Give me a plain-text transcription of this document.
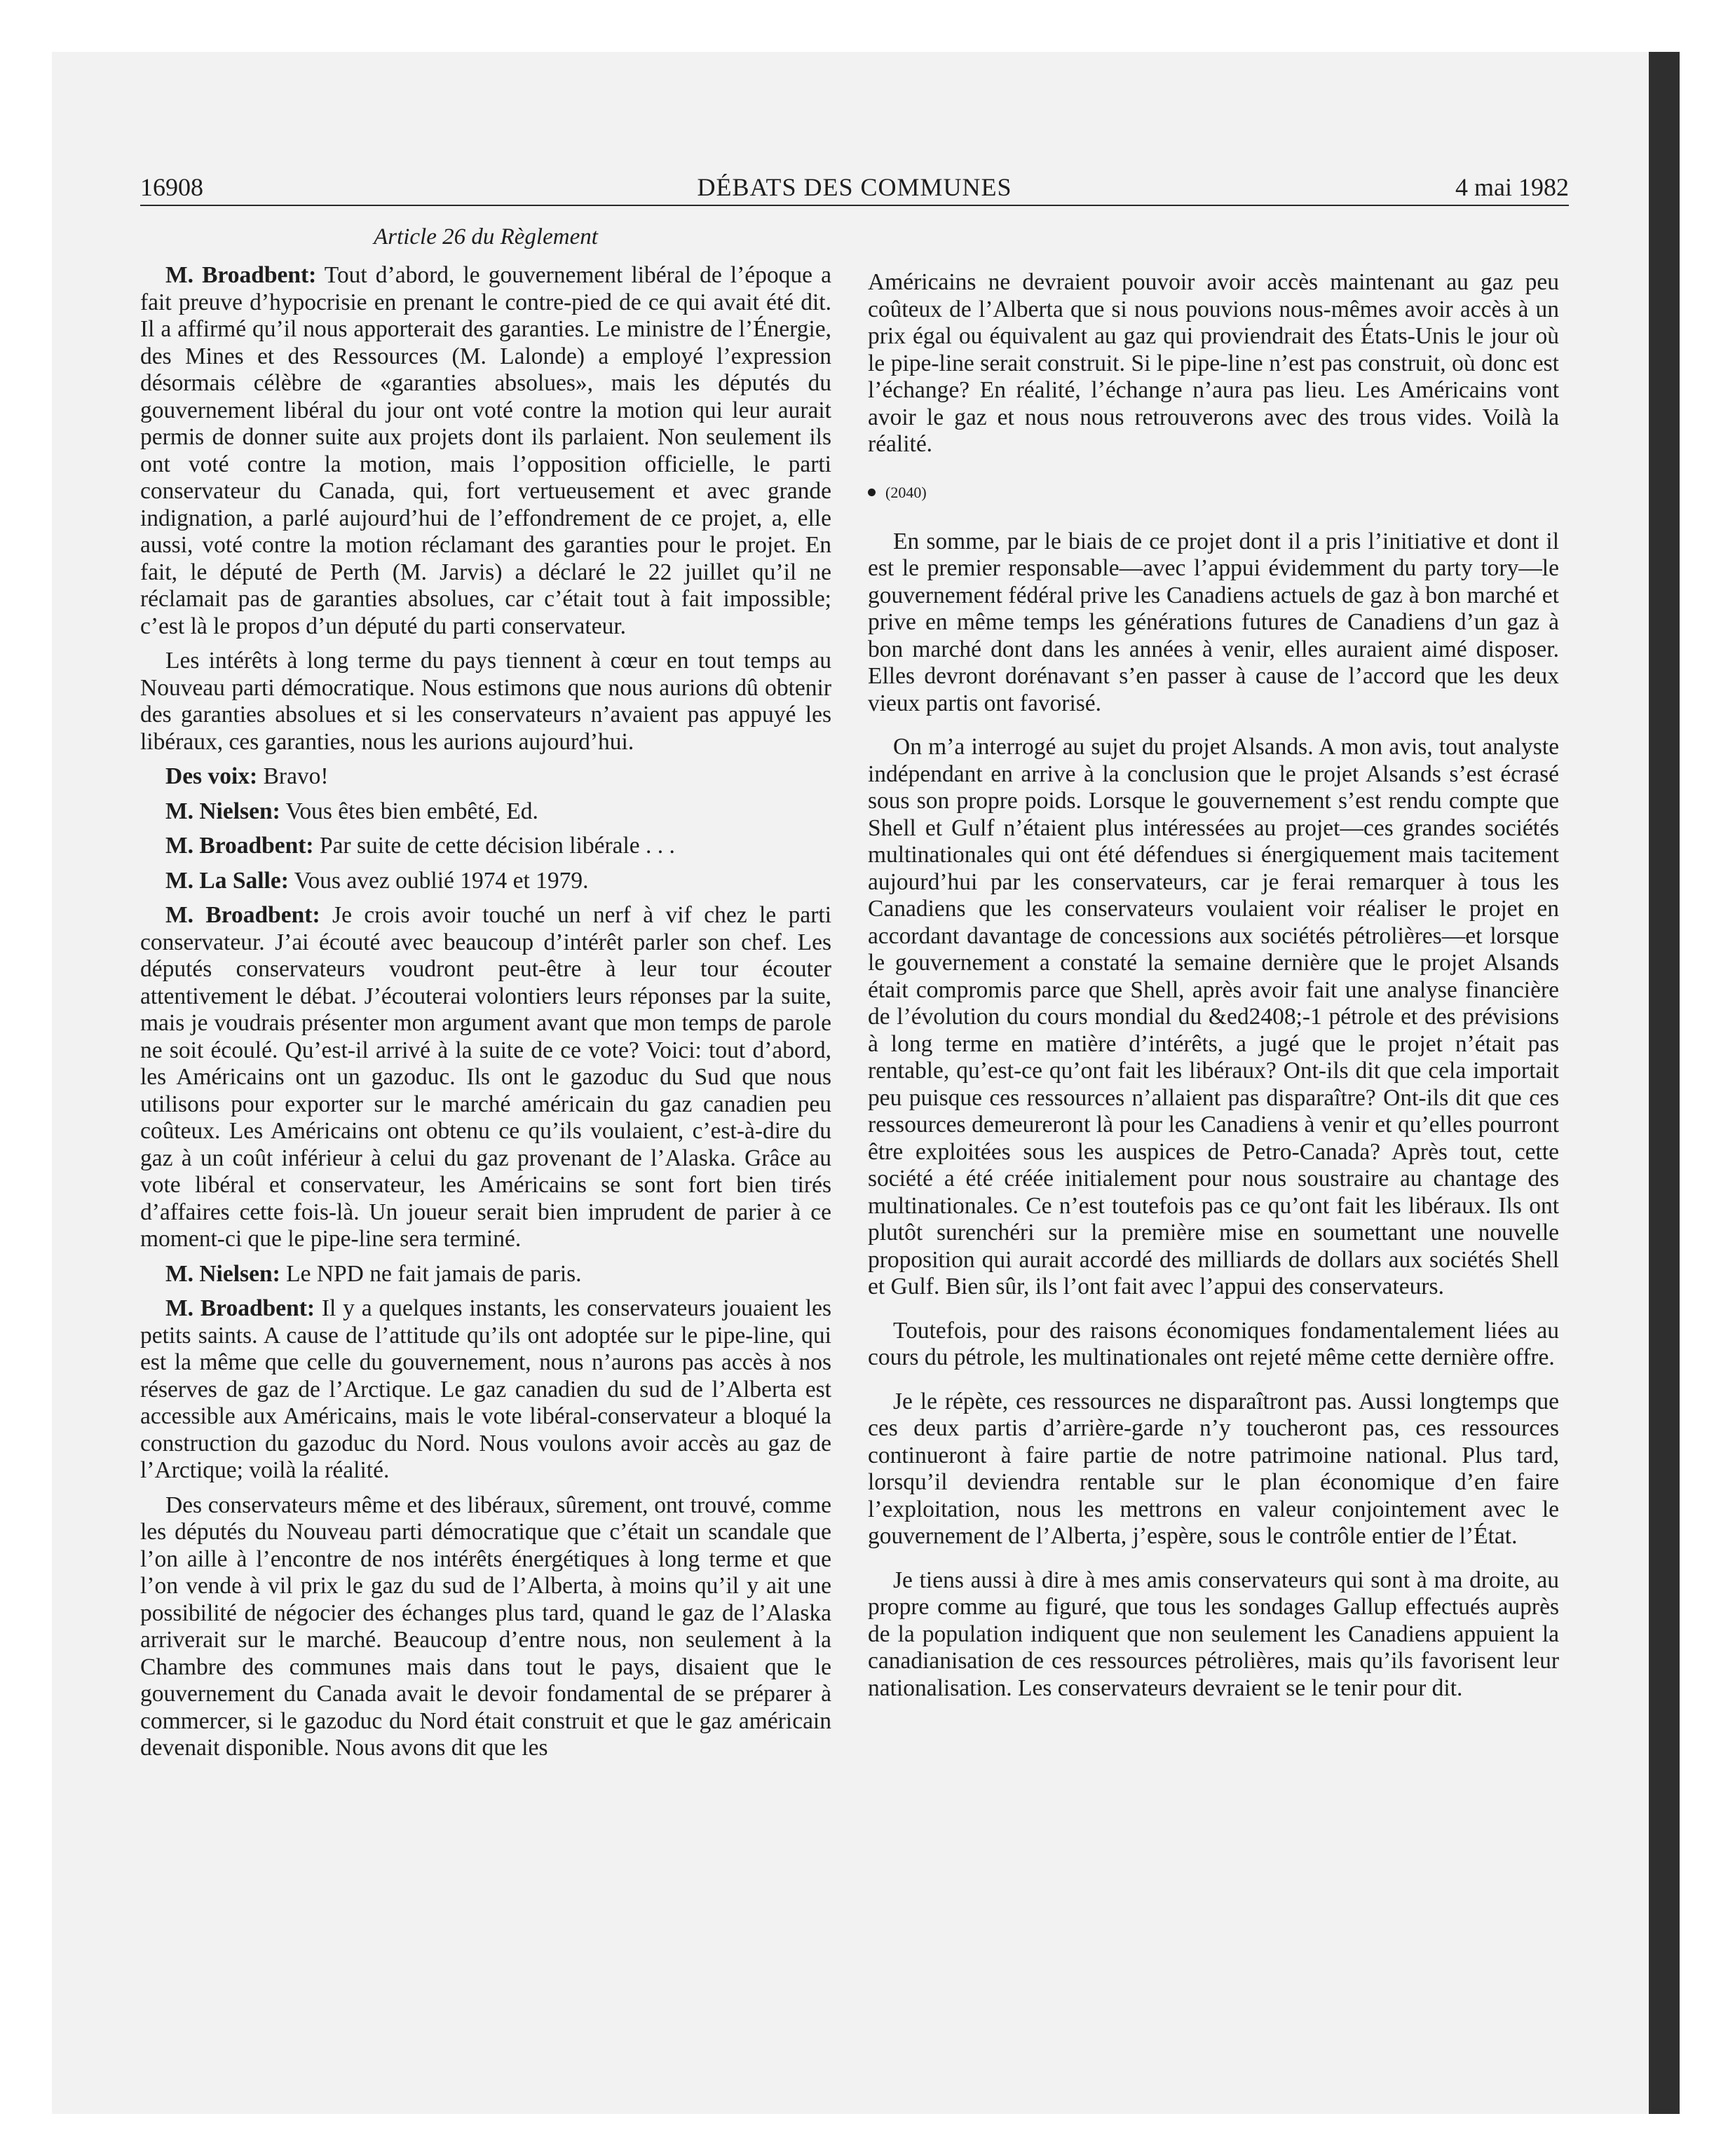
DÉBATS DES COMMUNES
16908	4 mai 1982

Article 26 du Règlement

M. Broadbent: Tout d’abord, le gouvernement libéral de l’époque a fait preuve d’hypocrisie en prenant le contre-pied de ce qui avait été dit. Il a affirmé qu’il nous apporterait des garanties. Le ministre de l’Énergie, des Mines et des Ressources (M. Lalonde) a employé l’expression désormais célèbre de «garanties absolues», mais les députés du gouvernement libéral du jour ont voté contre la motion qui leur aurait permis de donner suite aux projets dont ils parlaient. Non seulement ils ont voté contre la motion, mais l’opposition officielle, le parti conservateur du Canada, qui, fort vertueusement et avec grande indignation, a parlé aujourd’hui de l’effondrement de ce projet, a, elle aussi, voté contre la motion réclamant des garanties pour le projet. En fait, le député de Perth (M. Jarvis) a déclaré le 22 juillet qu’il ne réclamait pas de garanties absolues, car c’était tout à fait impossible; c’est là le propos d’un député du parti conservateur.

Les intérêts à long terme du pays tiennent à cœur en tout temps au Nouveau parti démocratique. Nous estimons que nous aurions dû obtenir des garanties absolues et si les conservateurs n’avaient pas appuyé les libéraux, ces garanties, nous les aurions aujourd’hui.

Des voix: Bravo!

M. Nielsen: Vous êtes bien embêté, Ed.

M. Broadbent: Par suite de cette décision libérale . . .

M. La Salle: Vous avez oublié 1974 et 1979.

M. Broadbent: Je crois avoir touché un nerf à vif chez le parti conservateur. J’ai écouté avec beaucoup d’intérêt parler son chef. Les députés conservateurs voudront peut-être à leur tour écouter attentivement le débat. J’écouterai volontiers leurs réponses par la suite, mais je voudrais présenter mon argument avant que mon temps de parole ne soit écoulé. Qu’est-il arrivé à la suite de ce vote? Voici: tout d’abord, les Américains ont un gazoduc. Ils ont le gazoduc du Sud que nous utilisons pour exporter sur le marché américain du gaz canadien peu coûteux. Les Américains ont obtenu ce qu’ils voulaient, c’est-à-dire du gaz à un coût inférieur à celui du gaz provenant de l’Alaska. Grâce au vote libéral et conservateur, les Américains se sont fort bien tirés d’affaires cette fois-là. Un joueur serait bien imprudent de parier à ce moment-ci que le pipe-line sera terminé.

M. Nielsen: Le NPD ne fait jamais de paris.

M. Broadbent: Il y a quelques instants, les conservateurs jouaient les petits saints. A cause de l’attitude qu’ils ont adoptée sur le pipe-line, qui est la même que celle du gouvernement, nous n’aurons pas accès à nos réserves de gaz de l’Arctique. Le gaz canadien du sud de l’Alberta est accessible aux Américains, mais le vote libéral-conservateur a bloqué la construction du gazoduc du Nord. Nous voulons avoir accès au gaz de l’Arctique; voilà la réalité.

Des conservateurs même et des libéraux, sûrement, ont trouvé, comme les députés du Nouveau parti démocratique que c’était un scandale que l’on aille à l’encontre de nos intérêts énergétiques à long terme et que l’on vende à vil prix le gaz du sud de l’Alberta, à moins qu’il y ait une possibilité de négocier des échanges plus tard, quand le gaz de l’Alaska arriverait sur le marché. Beaucoup d’entre nous, non seulement à la Chambre des communes mais dans tout le pays, disaient que le gouvernement du Canada avait le devoir fondamental de se préparer à commercer, si le gazoduc du Nord était construit et que le gaz américain devenait disponible. Nous avons dit que les

Américains ne devraient pouvoir avoir accès maintenant au gaz peu coûteux de l’Alberta que si nous pouvions nous-mêmes avoir accès à un prix égal ou équivalent au gaz qui proviendrait des États-Unis le jour où le pipe-line serait construit. Si le pipe-line n’est pas construit, où donc est l’échange? En réalité, l’échange n’aura pas lieu. Les Américains vont avoir le gaz et nous nous retrouverons avec des trous vides. Voilà la réalité.

(2040)

En somme, par le biais de ce projet dont il a pris l’initiative et dont il est le premier responsable—avec l’appui évidemment du party tory—le gouvernement fédéral prive les Canadiens actuels de gaz à bon marché et prive en même temps les générations futures de Canadiens d’un gaz à bon marché dont dans les années à venir, elles auraient aimé disposer. Elles devront dorénavant s’en passer à cause de l’accord que les deux vieux partis ont favorisé.

On m’a interrogé au sujet du projet Alsands. A mon avis, tout analyste indépendant en arrive à la conclusion que le projet Alsands s’est écrasé sous son propre poids. Lorsque le gouvernement s’est rendu compte que Shell et Gulf n’étaient plus intéressées au projet—ces grandes sociétés multinationales qui ont été défendues si énergiquement mais tacitement aujourd’hui par les conservateurs, car je ferai remarquer à tous les Canadiens que les conservateurs voulaient voir réaliser le projet en accordant davantage de concessions aux sociétés pétrolières—et lorsque le gouvernement a constaté la semaine dernière que le projet Alsands était compromis parce que Shell, après avoir fait une analyse financière de l’évolution du cours mondial du &ed2408;-1 pétrole et des prévisions à long terme en matière d’intérêts, a jugé que le projet n’était pas rentable, qu’est-ce qu’ont fait les libéraux? Ont-ils dit que cela importait peu puisque ces ressources n’allaient pas disparaître? Ont-ils dit que ces ressources demeureront là pour les Canadiens à venir et qu’elles pourront être exploitées sous les auspices de Petro-Canada? Après tout, cette société a été créée initialement pour nous soustraire au chantage des multinationales. Ce n’est toutefois pas ce qu’ont fait les libéraux. Ils ont plutôt surenchéri sur la première mise en soumettant une nouvelle proposition qui aurait accordé des milliards de dollars aux sociétés Shell et Gulf. Bien sûr, ils l’ont fait avec l’appui des conservateurs.

Toutefois, pour des raisons économiques fondamentalement liées au cours du pétrole, les multinationales ont rejeté même cette dernière offre.

Je le répète, ces ressources ne disparaîtront pas. Aussi longtemps que ces deux partis d’arrière-garde n’y toucheront pas, ces ressources continueront à faire partie de notre patrimoine national. Plus tard, lorsqu’il deviendra rentable sur le plan économique d’en faire l’exploitation, nous les mettrons en valeur conjointement avec le gouvernement de l’Alberta, j’espère, sous le contrôle entier de l’État.

Je tiens aussi à dire à mes amis conservateurs qui sont à ma droite, au propre comme au figuré, que tous les sondages Gallup effectués auprès de la population indiquent que non seulement les Canadiens appuient la canadianisation de ces ressources pétrolières, mais qu’ils favorisent leur nationalisation. Les conservateurs devraient se le tenir pour dit.
